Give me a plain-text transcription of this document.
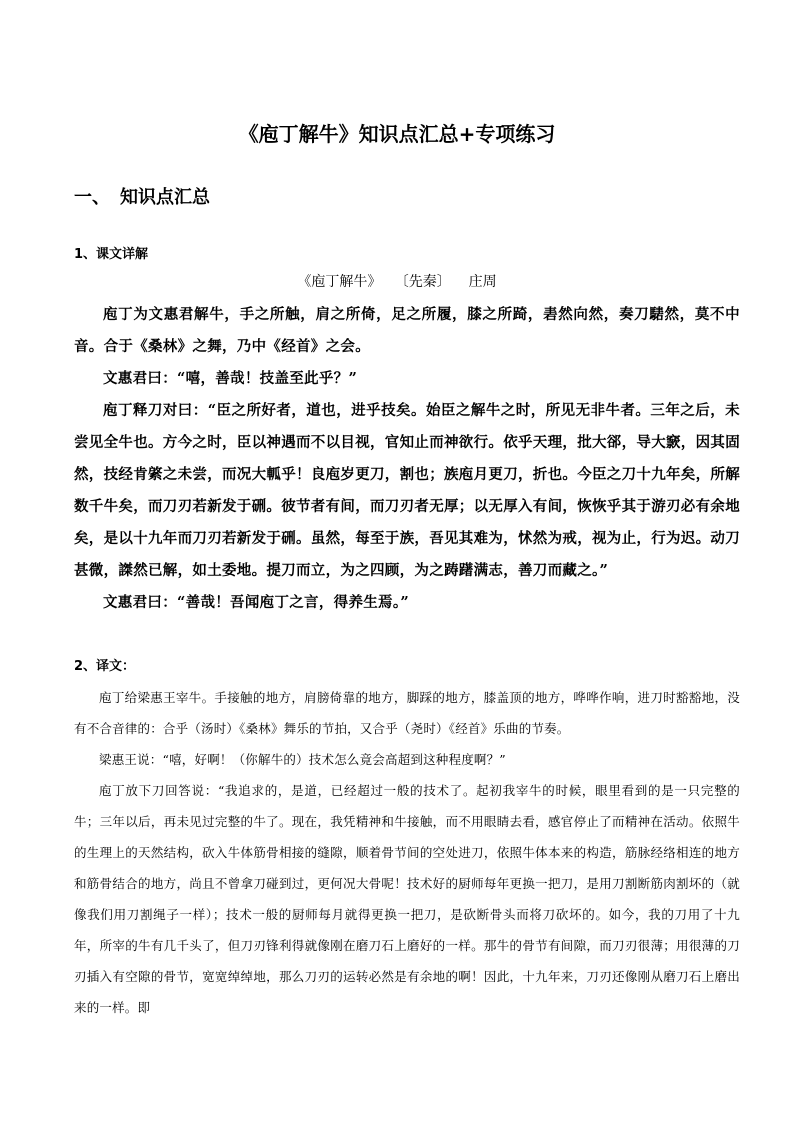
《庖丁解牛》知识点汇总+专项练习
一、 知识点汇总
1、课文详解
《庖丁解牛》   〔先秦〕    庄周

庖丁为文惠君解牛，手之所触，肩之所倚，足之所履，膝之所踦，砉然向然，奏刀騞然，莫不中音。合于《桑林》之舞，乃中《经首》之会。

文惠君曰：“嘻，善哉！技盖至此乎？”

庖丁释刀对曰：“臣之所好者，道也，进乎技矣。始臣之解牛之时，所见无非牛者。三年之后，未尝见全牛也。方今之时，臣以神遇而不以目视，官知止而神欲行。依乎天理，批大郤，导大窾，因其固然，技经肯綮之未尝，而况大軱乎！良庖岁更刀，割也；族庖月更刀，折也。今臣之刀十九年矣，所解数千牛矣，而刀刃若新发于硎。彼节者有间，而刀刃者无厚；以无厚入有间，恢恢乎其于游刃必有余地矣，是以十九年而刀刃若新发于硎。虽然，每至于族，吾见其难为，怵然为戒，视为止，行为迟。动刀甚微，謋然已解，如土委地。提刀而立，为之四顾，为之踌躇满志，善刀而藏之。”

文惠君曰：“善哉！吾闻庖丁之言，得养生焉。”

2、译文：

庖丁给梁惠王宰牛。手接触的地方，肩膀倚靠的地方，脚踩的地方，膝盖顶的地方，哗哗作响，进刀时豁豁地，没有不合音律的：合乎（汤时）《桑林》舞乐的节拍，又合乎（尧时）《经首》乐曲的节奏。

梁惠王说：“嘻，好啊！（你解牛的）技术怎么竟会高超到这种程度啊？”

庖丁放下刀回答说：“我追求的，是道，已经超过一般的技术了。起初我宰牛的时候，眼里看到的是一只完整的牛；三年以后，再未见过完整的牛了。现在，我凭精神和牛接触，而不用眼睛去看，感官停止了而精神在活动。依照牛的生理上的天然结构，砍入牛体筋骨相接的缝隙，顺着骨节间的空处进刀，依照牛体本来的构造，筋脉经络相连的地方和筋骨结合的地方，尚且不曾拿刀碰到过，更何况大骨呢！技术好的厨师每年更换一把刀，是用刀割断筋肉割坏的（就像我们用刀割绳子一样）；技术一般的厨师每月就得更换一把刀，是砍断骨头而将刀砍坏的。如今，我的刀用了十九年，所宰的牛有几千头了，但刀刃锋利得就像刚在磨刀石上磨好的一样。那牛的骨节有间隙，而刀刃很薄；用很薄的刀刃插入有空隙的骨节，宽宽绰绰地，那么刀刃的运转必然是有余地的啊！因此，十九年来，刀刃还像刚从磨刀石上磨出来的一样。即
